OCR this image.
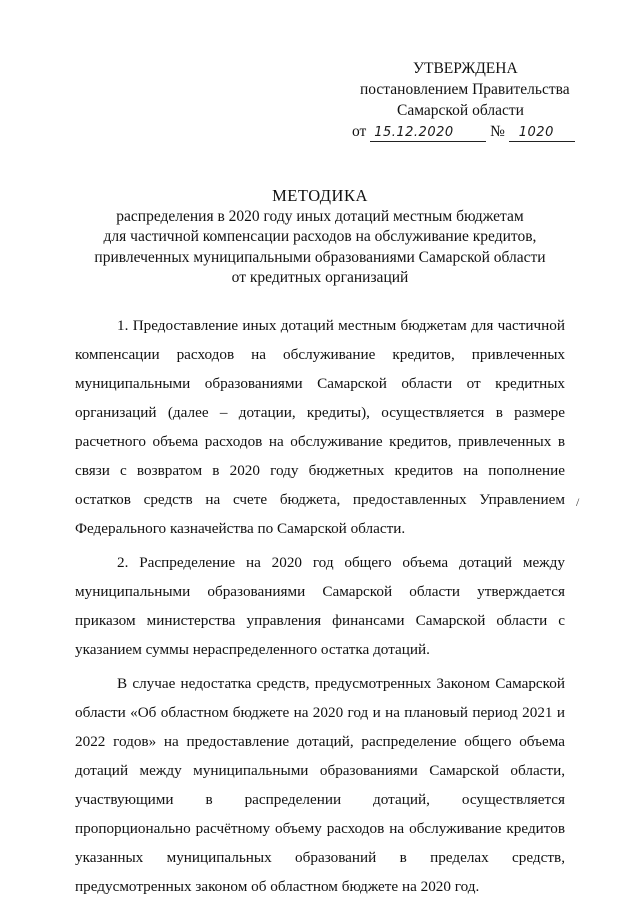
УТВЕРЖДЕНА
постановлением Правительства
Самарской области
от 15.12.2020 № 1020
МЕТОДИКА
распределения в 2020 году иных дотаций местным бюджетам
для частичной компенсации расходов на обслуживание кредитов,
привлеченных муниципальными образованиями Самарской области
от кредитных организаций

1. Предоставление иных дотаций местным бюджетам для частичной компенсации расходов на обслуживание кредитов, привлеченных муниципальными образованиями Самарской области от кредитных организаций (далее – дотации, кредиты), осуществляется в размере расчетного объема расходов на обслуживание кредитов, привлеченных в связи с возвратом в 2020 году бюджетных кредитов на пополнение остатков средств на счете бюджета, предоставленных Управлением Федерального казначейства по Самарской области.

2. Распределение на 2020 год общего объема дотаций между муниципальными образованиями Самарской области утверждается приказом министерства управления финансами Самарской области с указанием суммы нераспределенного остатка дотаций.

В случае недостатка средств, предусмотренных Законом Самарской области «Об областном бюджете на 2020 год и на плановый период 2021 и 2022 годов» на предоставление дотаций, распределение общего объема дотаций между муниципальными образованиями Самарской области, участвующими в распределении дотаций, осуществляется пропорционально расчётному объему расходов на обслуживание кредитов указанных муниципальных образований в пределах средств, предусмотренных законом об областном бюджете на 2020 год.

/
